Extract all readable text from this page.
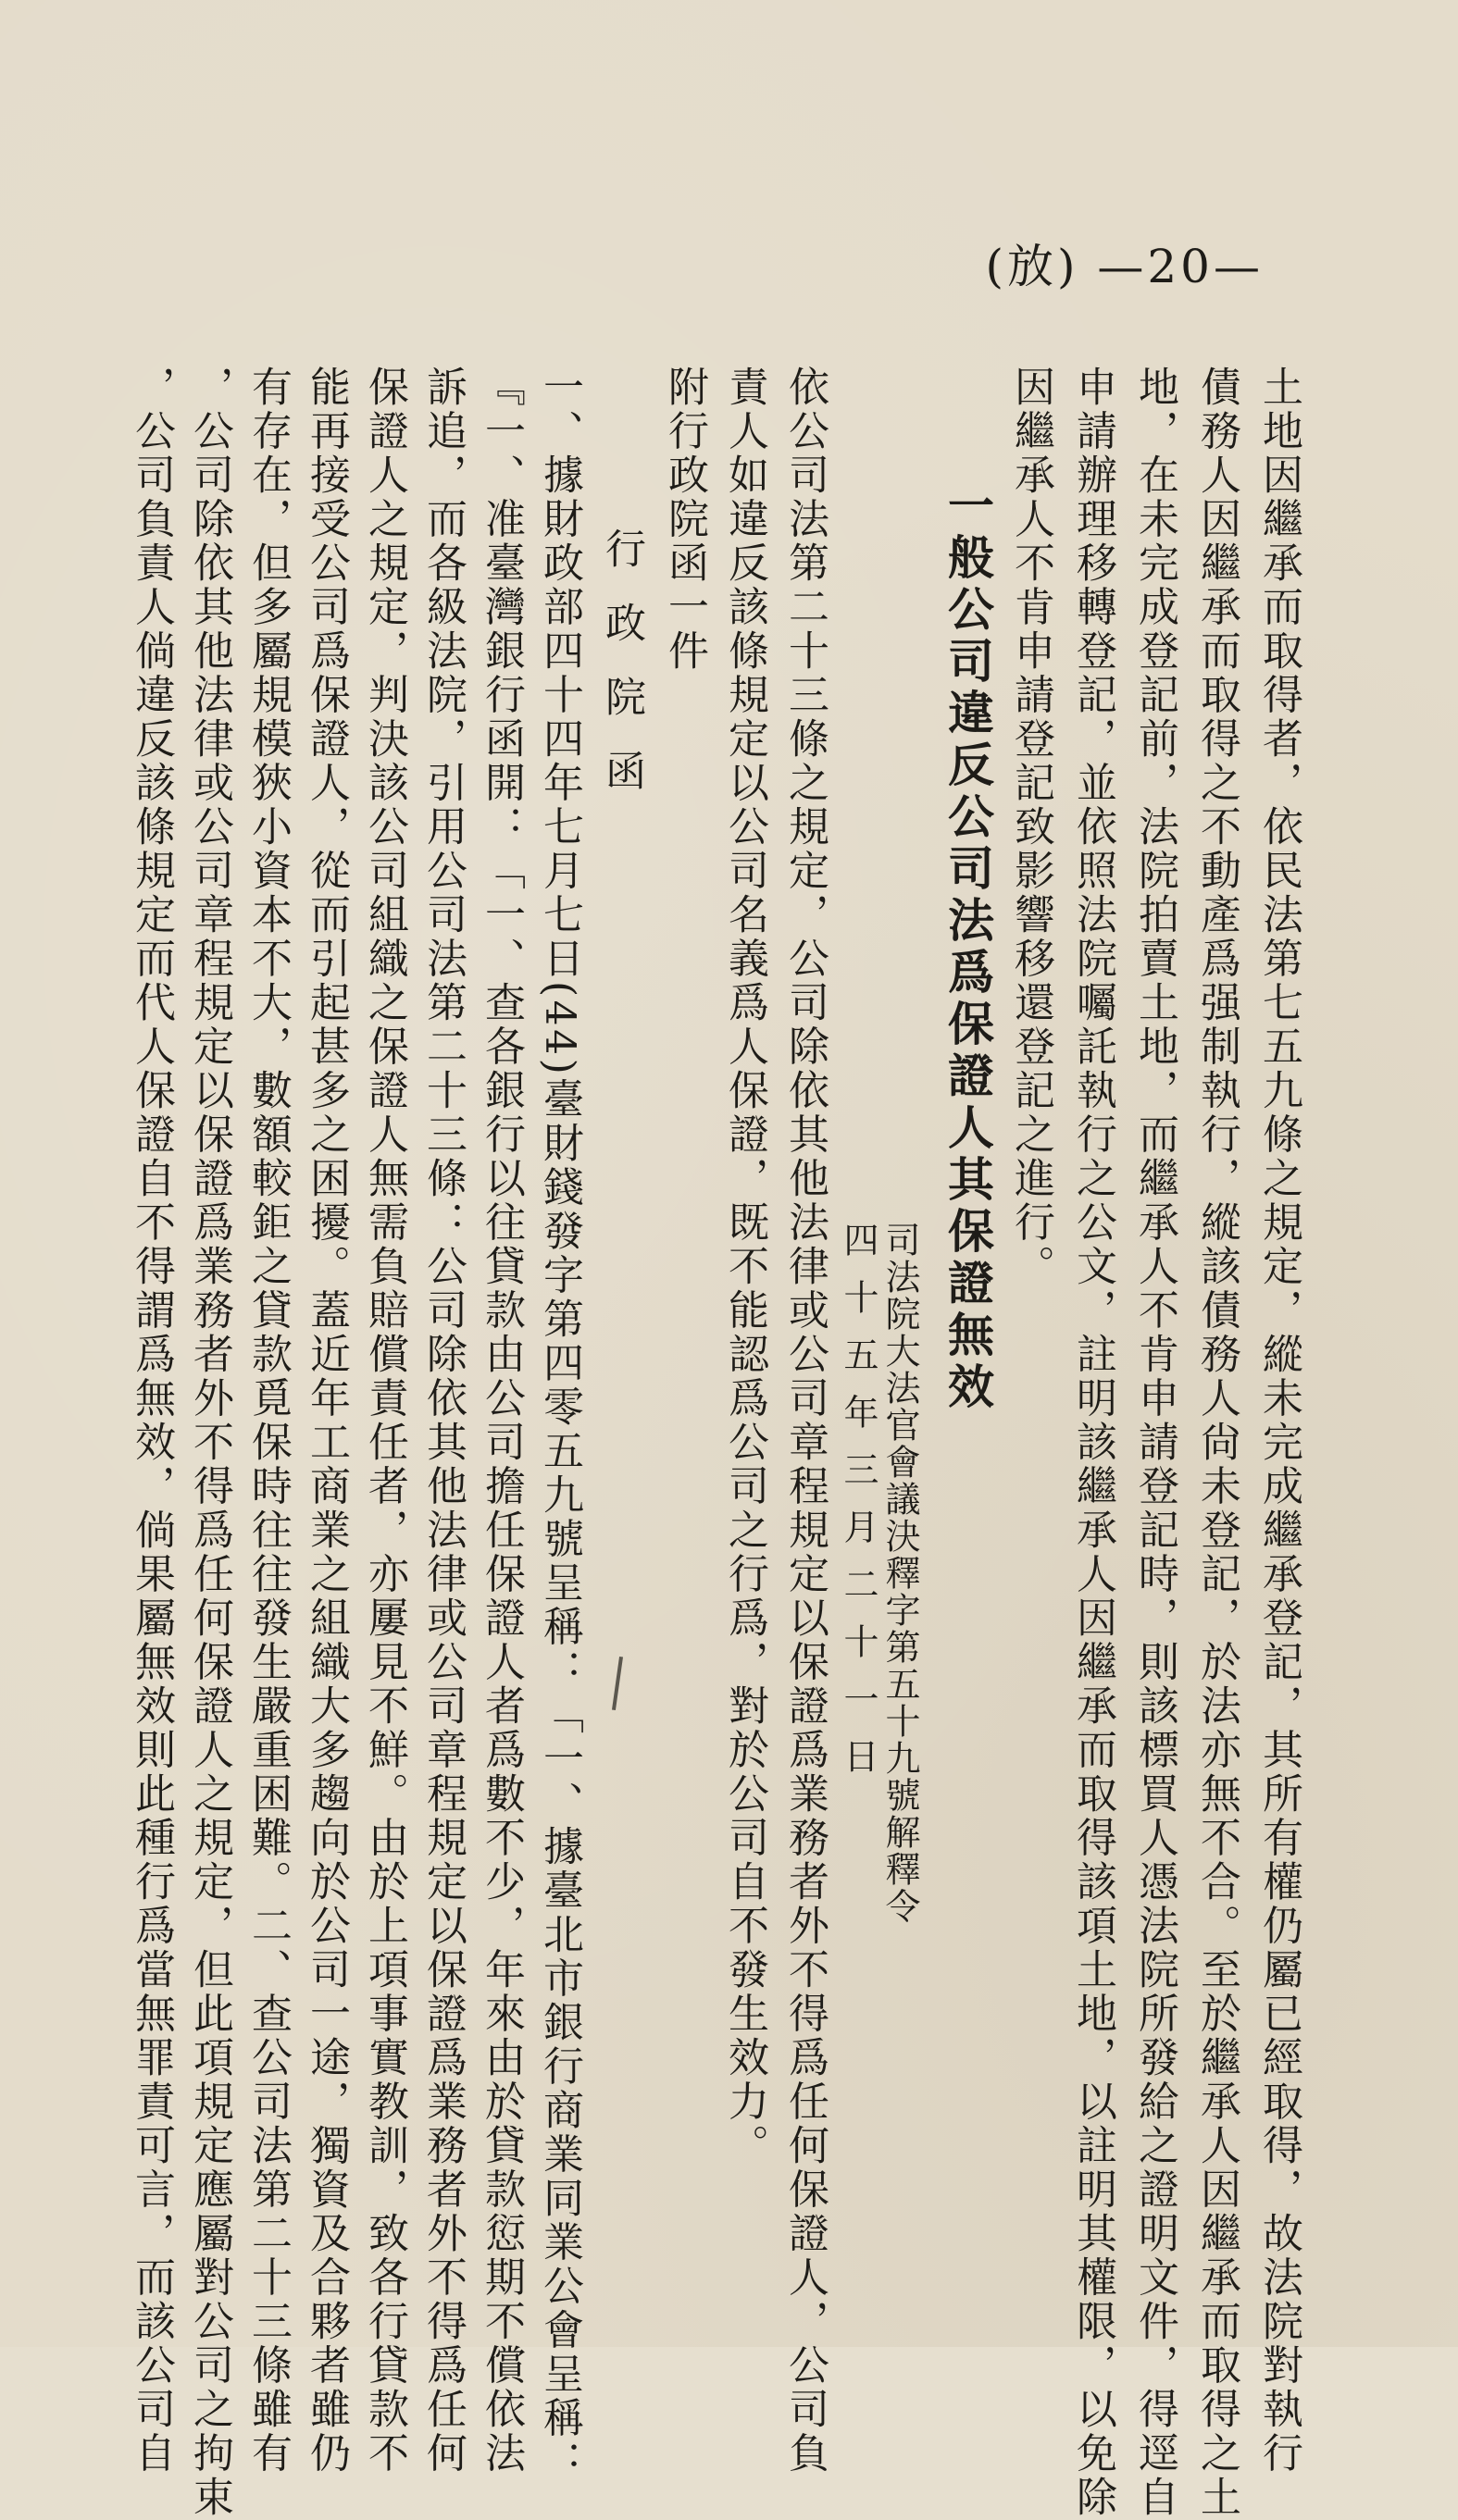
(放) —20—
土地因繼承而取得者，依民法第七五九條之規定，縱未完成繼承登記，其所有權仍屬已經取得，故法院對執行
債務人因繼承而取得之不動產爲强制執行，縱該債務人尙未登記，於法亦無不合。至於繼承人因繼承而取得之土
地，在未完成登記前，法院拍賣土地，而繼承人不肯申請登記時，則該標買人憑法院所發給之證明文件，得逕自
申請辦理移轉登記，並依照法院囑託執行之公文，註明該繼承人因繼承而取得該項土地，以註明其權限，以免除
因繼承人不肯申請登記致影響移還登記之進行。
一般公司違反公司法爲保證人其保證無效
司法院大法官會議決釋字第五十九號解釋令
四十五年三月二十一日
依公司法第二十三條之規定，公司除依其他法律或公司章程規定以保證爲業務者外不得爲任何保證人，公司負
責人如違反該條規定以公司名義爲人保證，既不能認爲公司之行爲，對於公司自不發生效力。
附行政院函一件
行政院函
一、據財政部四十四年七月七日(44)臺財錢發字第四零五九號呈稱：「一、據臺北市銀行商業同業公會呈稱：
『一、准臺灣銀行函開：「一、查各銀行以往貸款由公司擔任保證人者爲數不少，年來由於貸款愆期不償依法
訴追，而各級法院，引用公司法第二十三條：公司除依其他法律或公司章程規定以保證爲業務者外不得爲任何
保證人之規定，判決該公司組織之保證人無需負賠償責任者，亦屢見不鮮。由於上項事實教訓，致各行貸款不
能再接受公司爲保證人，從而引起甚多之困擾。蓋近年工商業之組織大多趨向於公司一途，獨資及合夥者雖仍
有存在，但多屬規模狹小資本不大，數額較鉅之貸款覓保時往往發生嚴重困難。二、查公司法第二十三條雖有
，公司除依其他法律或公司章程規定以保證爲業務者外不得爲任何保證人之規定，但此項規定應屬對公司之拘束
，公司負責人倘違反該條規定而代人保證自不得謂爲無效，倘果屬無效則此種行爲當無罪責可言，而該公司自
